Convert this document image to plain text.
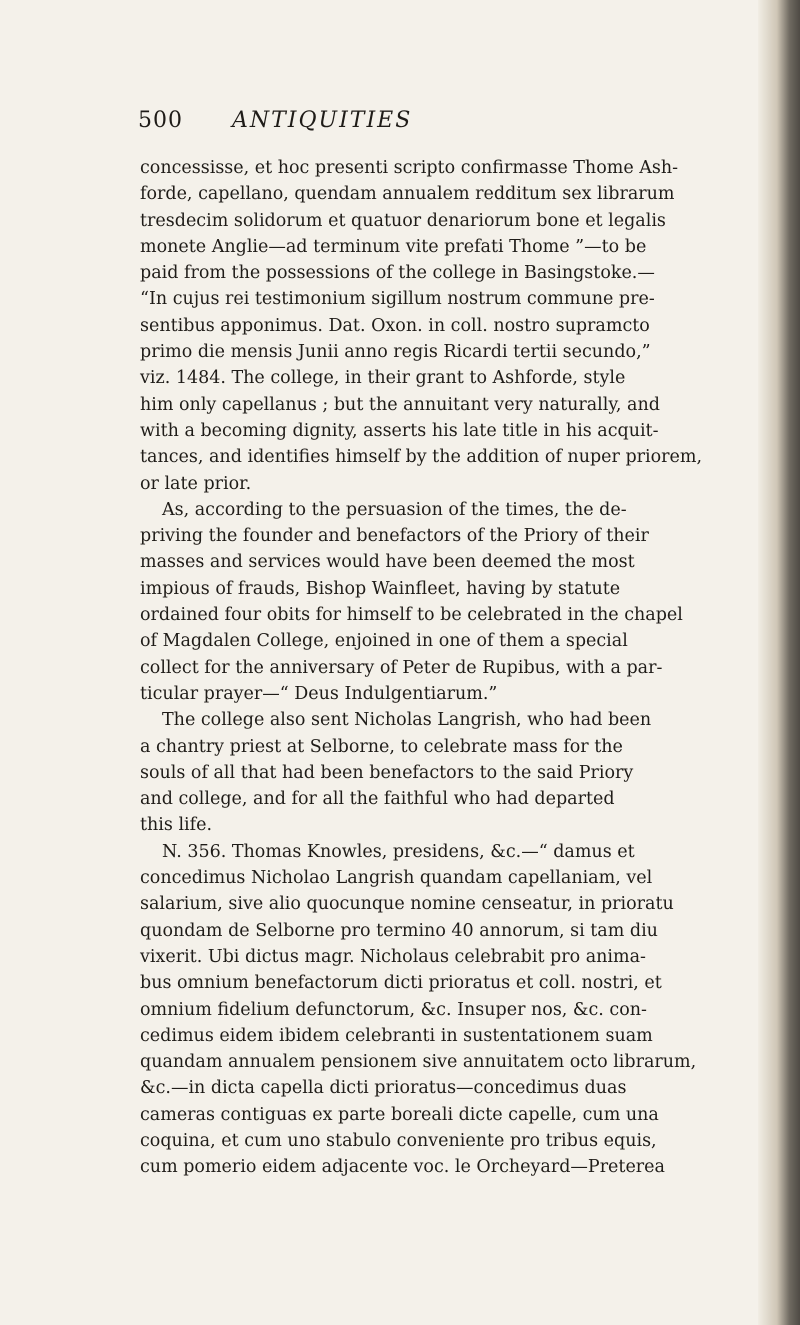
500 ANTIQUITIES
concessisse, et hoc presenti scripto confirmasse Thome Ash-
forde, capellano, quendam annualem redditum sex librarum
tresdecim solidorum et quatuor denariorum bone et legalis
monete Anglie—ad terminum vite prefati Thome ”—to be
paid from the possessions of the college in Basingstoke.—
“In cujus rei testimonium sigillum nostrum commune pre-
sentibus apponimus. Dat. Oxon. in coll. nostro supramcto
primo die mensis Junii anno regis Ricardi tertii secundo,”
viz. 1484. The college, in their grant to Ashforde, style
him only capellanus ; but the annuitant very naturally, and
with a becoming dignity, asserts his late title in his acquit-
tances, and identifies himself by the addition of nuper priorem,
or late prior.
As, according to the persuasion of the times, the de-
priving the founder and benefactors of the Priory of their
masses and services would have been deemed the most
impious of frauds, Bishop Wainfleet, having by statute
ordained four obits for himself to be celebrated in the chapel
of Magdalen College, enjoined in one of them a special
collect for the anniversary of Peter de Rupibus, with a par-
ticular prayer—“ Deus Indulgentiarum.”
The college also sent Nicholas Langrish, who had been
a chantry priest at Selborne, to celebrate mass for the
souls of all that had been benefactors to the said Priory
and college, and for all the faithful who had departed
this life.
N. 356. Thomas Knowles, presidens, &c.—“ damus et
concedimus Nicholao Langrish quandam capellaniam, vel
salarium, sive alio quocunque nomine censeatur, in prioratu
quondam de Selborne pro termino 40 annorum, si tam diu
vixerit. Ubi dictus magr. Nicholaus celebrabit pro anima-
bus omnium benefactorum dicti prioratus et coll. nostri, et
omnium fidelium defunctorum, &c. Insuper nos, &c. con-
cedimus eidem ibidem celebranti in sustentationem suam
quandam annualem pensionem sive annuitatem octo librarum,
&c.—in dicta capella dicti prioratus—concedimus duas
cameras contiguas ex parte boreali dicte capelle, cum una
coquina, et cum uno stabulo conveniente pro tribus equis,
cum pomerio eidem adjacente voc. le Orcheyard—Preterea
